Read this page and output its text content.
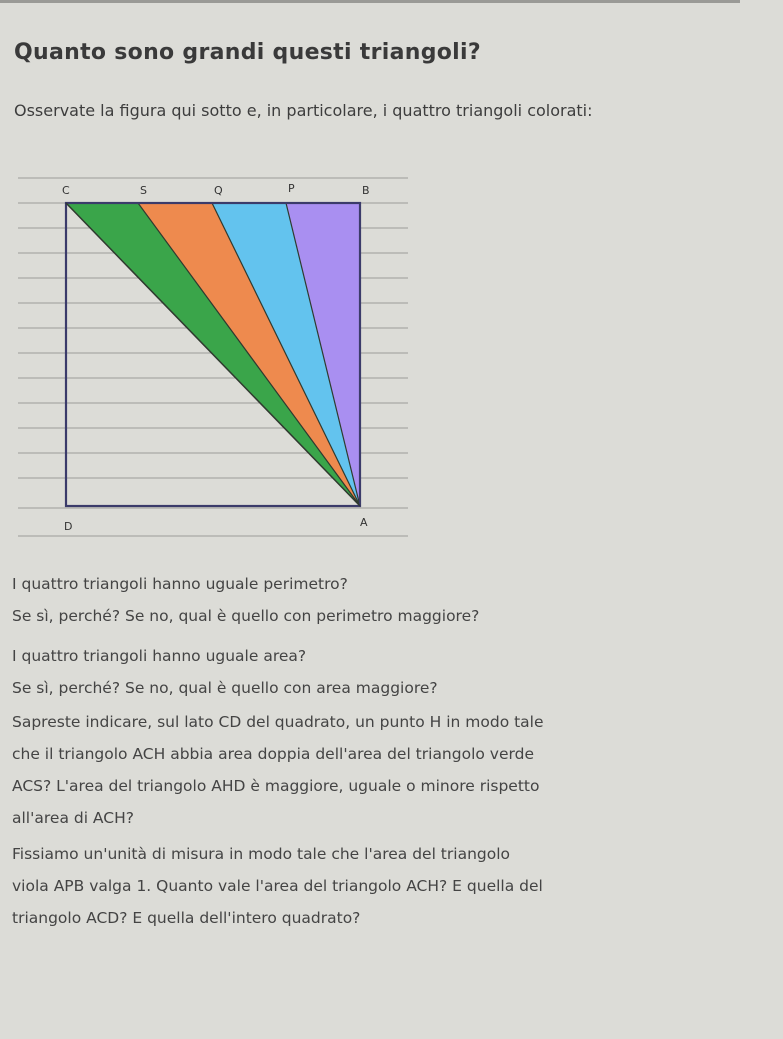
Quanto sono grandi questi triangoli?
Osservate la figura qui sotto e, in particolare, i quattro triangoli colorati:
C	S	Q	P	B
D	A
I quattro triangoli hanno uguale perimetro?
Se sì, perché? Se no, qual è quello con perimetro maggiore?
I quattro triangoli hanno uguale area?
Se sì, perché? Se no, qual è quello con area maggiore?
Sapreste indicare, sul lato CD del quadrato, un punto H in modo tale
che il triangolo ACH abbia area doppia dell'area del triangolo verde
ACS? L'area del triangolo AHD è maggiore, uguale o minore rispetto
all'area di ACH?
Fissiamo un'unità di misura in modo tale che l'area del triangolo
viola APB valga 1. Quanto vale l'area del triangolo ACH? E quella del
triangolo ACD? E quella dell'intero quadrato?
